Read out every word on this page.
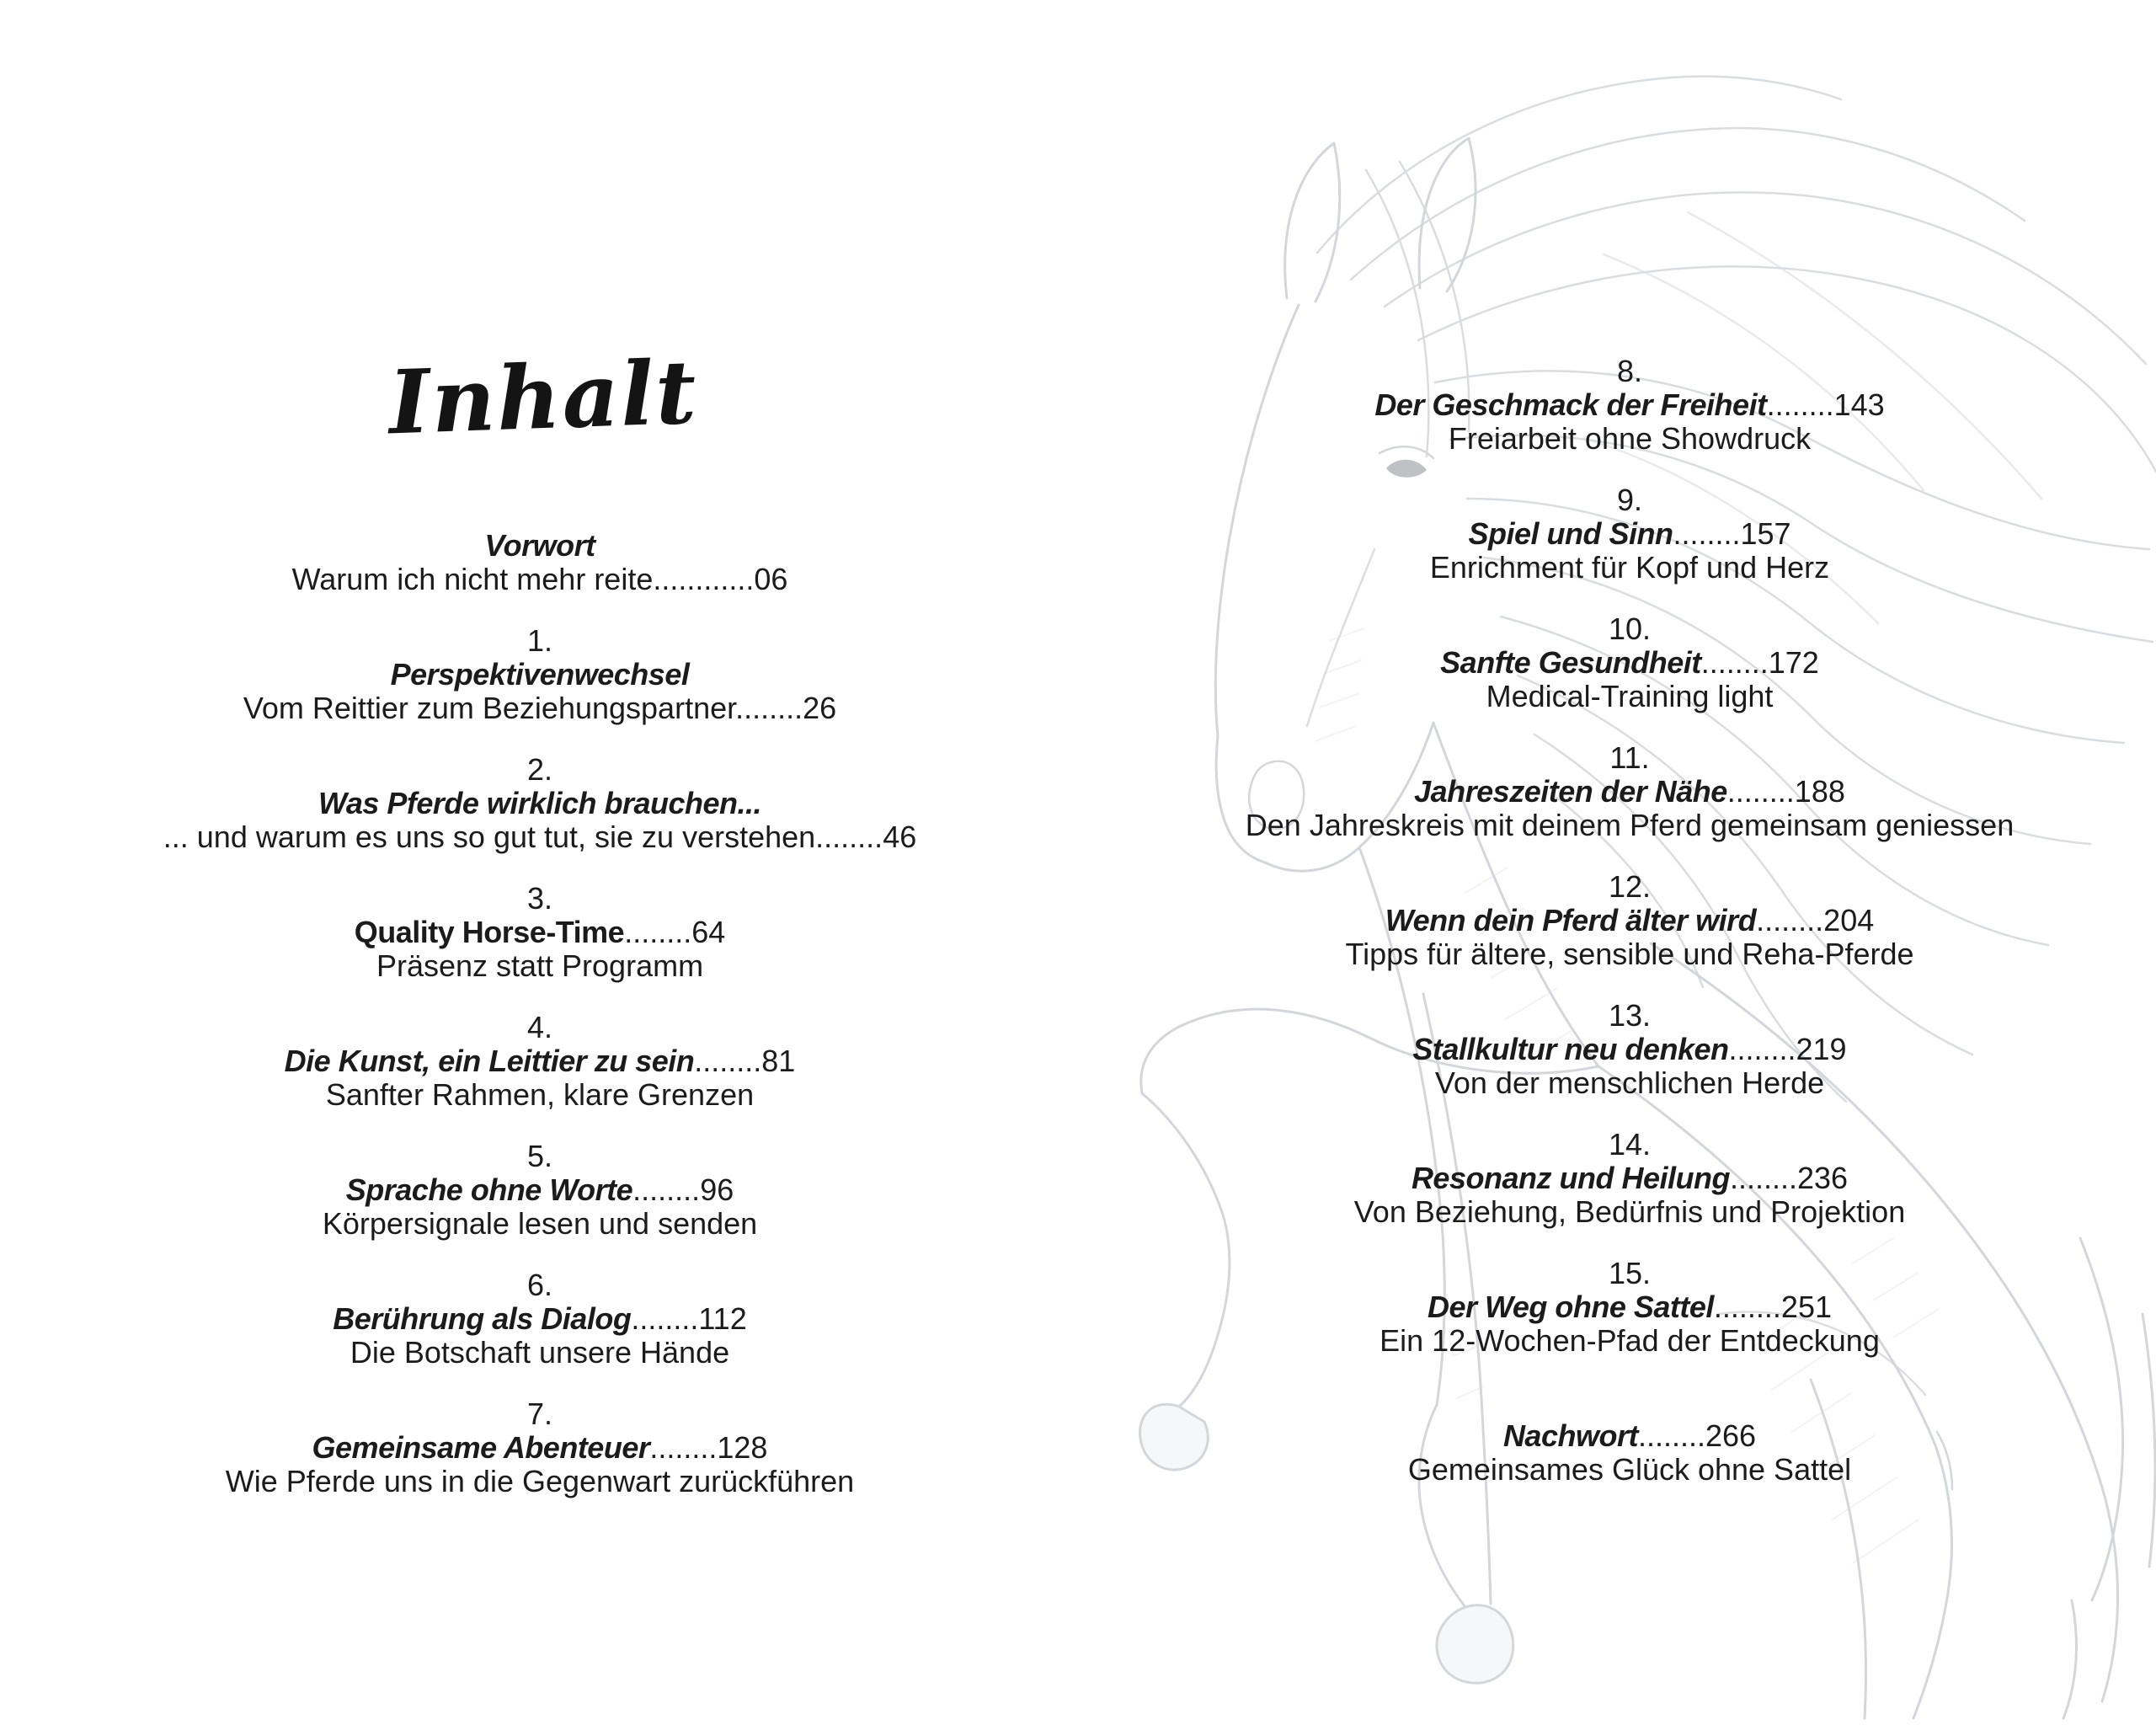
Inhalt
Vorwort
Warum ich nicht mehr reite............06
1.
Perspektivenwechsel
Vom Reittier zum Beziehungspartner........26
2.
Was Pferde wirklich brauchen...
... und warum es uns so gut tut, sie zu verstehen........46
3.
Quality Horse-Time........64
Präsenz statt Programm
4.
Die Kunst, ein Leittier zu sein........81
Sanfter Rahmen, klare Grenzen
5.
Sprache ohne Worte........96
Körpersignale lesen und senden
6.
Berührung als Dialog........112
Die Botschaft unsere Hände
7.
Gemeinsame Abenteuer........128
Wie Pferde uns in die Gegenwart zurückführen
8.
Der Geschmack der Freiheit........143
Freiarbeit ohne Showdruck
9.
Spiel und Sinn........157
Enrichment für Kopf und Herz
10.
Sanfte Gesundheit........172
Medical-Training light
11.
Jahreszeiten der Nähe........188
Den Jahreskreis mit deinem Pferd gemeinsam geniessen
12.
Wenn dein Pferd älter wird........204
Tipps für ältere, sensible und Reha-Pferde
13.
Stallkultur neu denken........219
Von der menschlichen Herde
14.
Resonanz und Heilung........236
Von Beziehung, Bedürfnis und Projektion
15.
Der Weg ohne Sattel........251
Ein 12-Wochen-Pfad der Entdeckung
Nachwort........266
Gemeinsames Glück ohne Sattel
